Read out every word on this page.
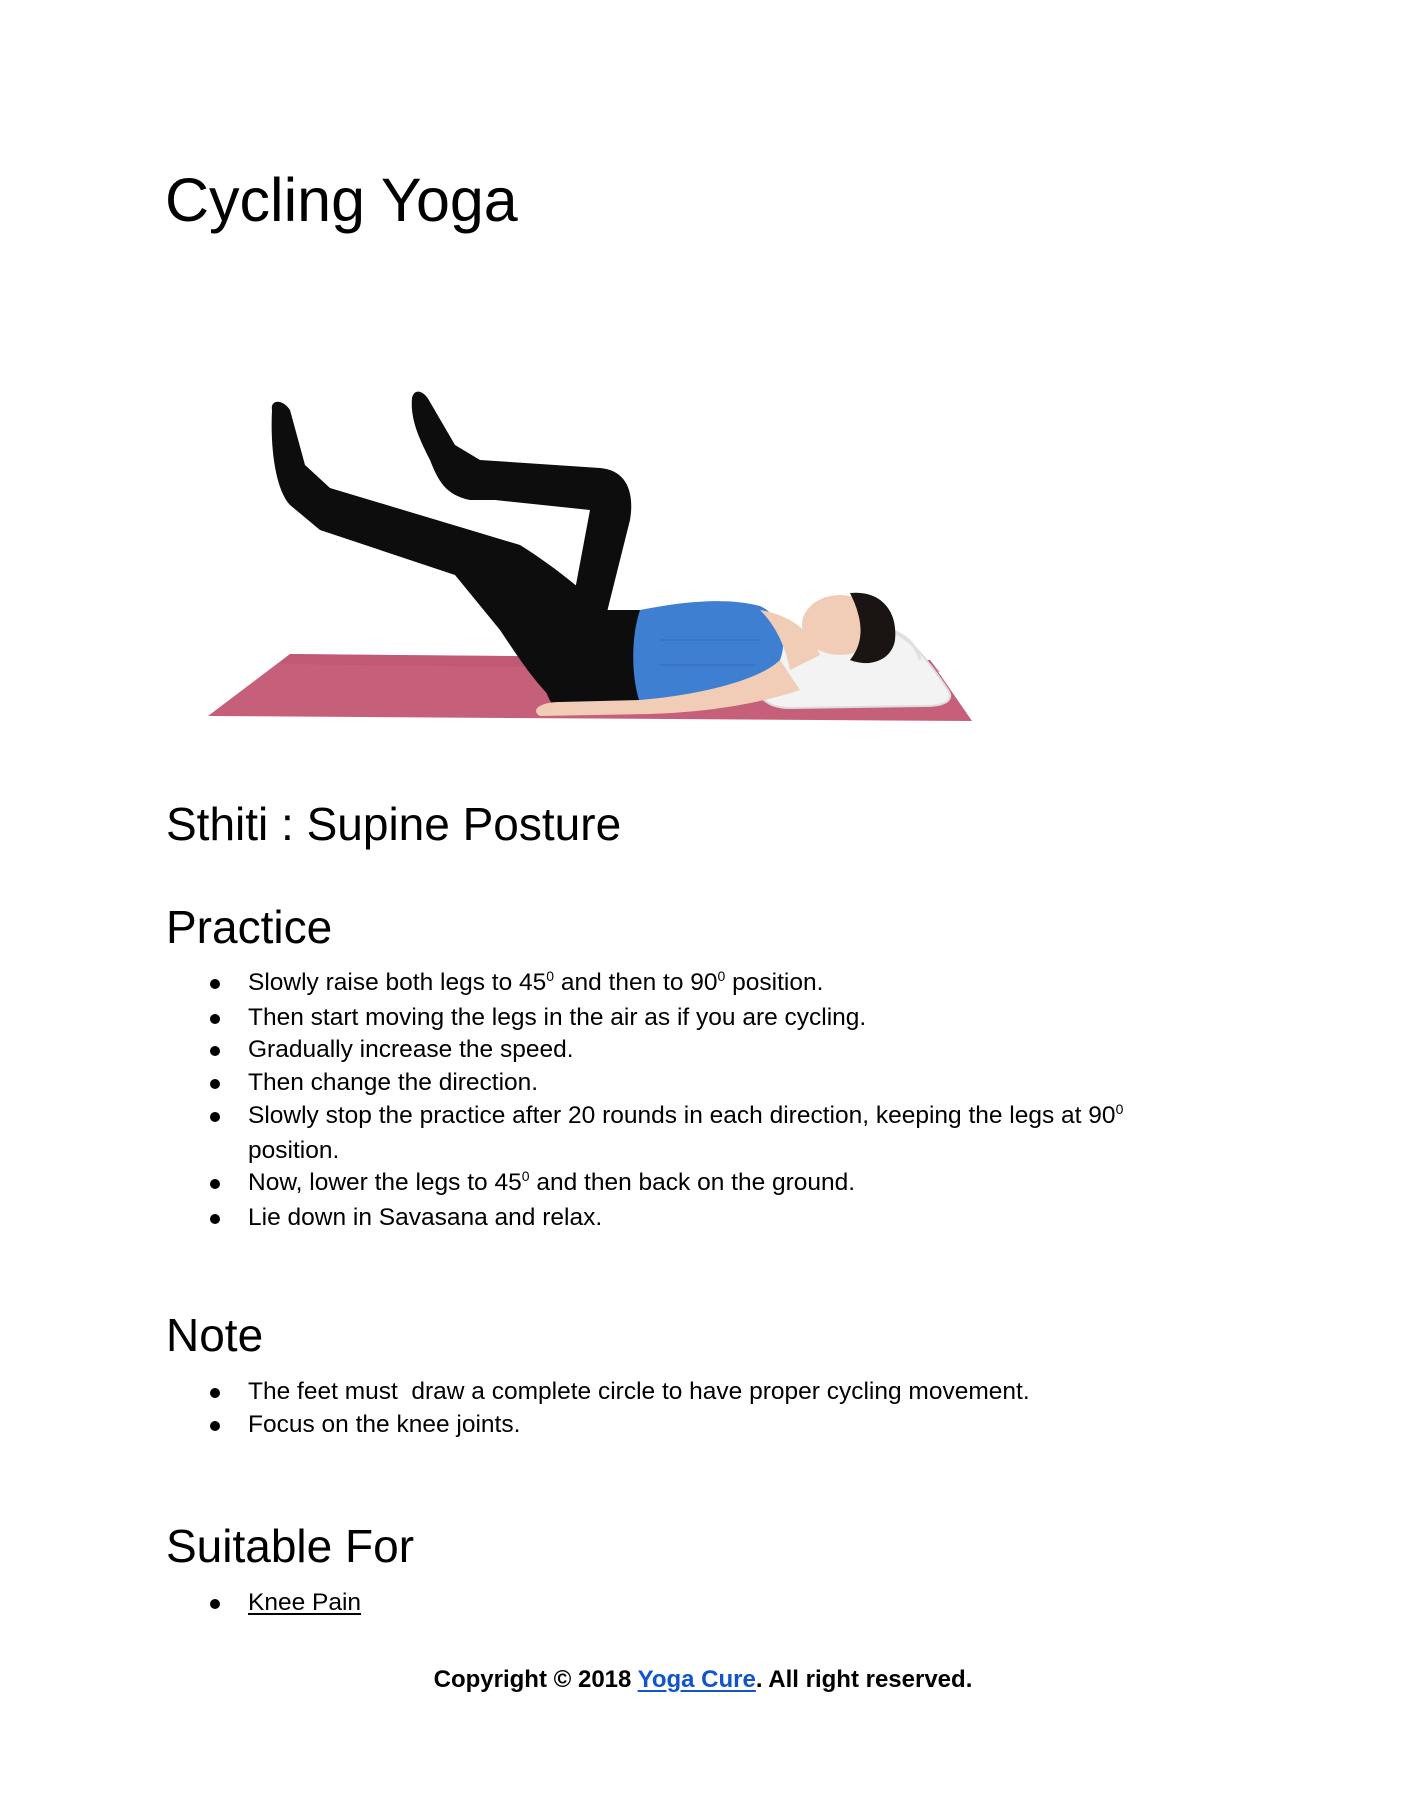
Cycling Yoga
Sthiti : Supine Posture
Practice
Slowly raise both legs to $45^0$ and then to $90^0$ position.
Then start moving the legs in the air as if you are cycling.
Gradually increase the speed.
Then change the direction.
Slowly stop the practice after 20 rounds in each direction, keeping the legs at $90^0$
position.
Now, lower the legs to $45^0$ and then back on the ground.
Lie down in Savasana and relax.
Note
The feet must  draw a complete circle to have proper cycling movement.
Focus on the knee joints.
Suitable For
Knee Pain
Copyright © 2018 Yoga Cure. All right reserved.
